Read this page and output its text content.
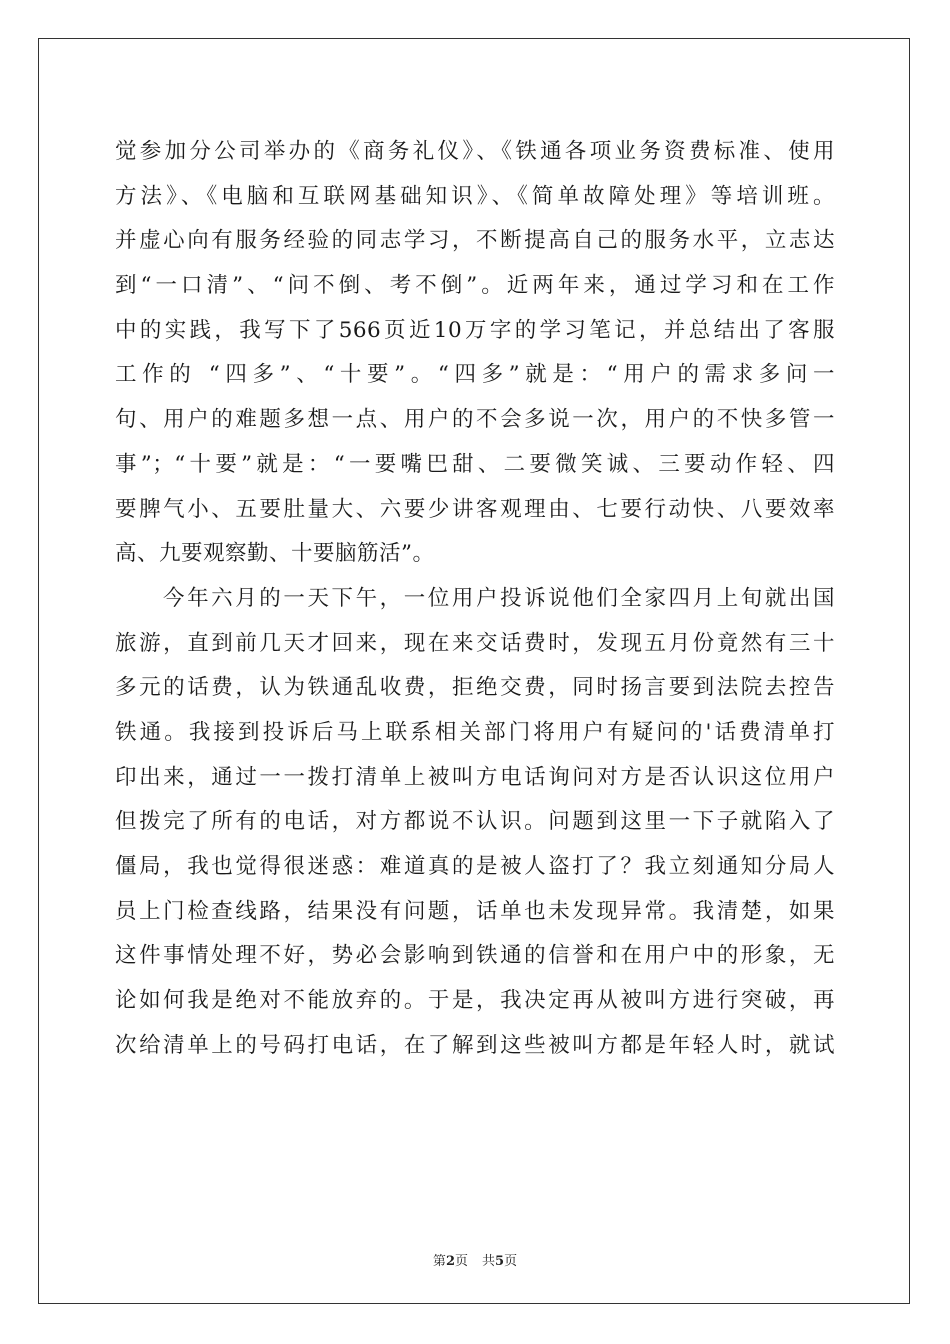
觉参加分公司举办的《商务礼仪》、《铁通各项业务资费标准、使用
方法》、《电脑和互联网基础知识》、《简单故障处理》等培训班。
并虚心向有服务经验的同志学习，不断提高自己的服务水平，立志达
到“一口清”、“问不倒、考不倒”。近两年来，通过学习和在工作
中的实践，我写下了566页近10万字的学习笔记，并总结出了客服
工作的 “四多”、“十要”。“四多”就是：“用户的需求多问一
句、用户的难题多想一点、用户的不会多说一次，用户的不快多管一
事”；“十要”就是：“一要嘴巴甜、二要微笑诚、三要动作轻、四
要脾气小、五要肚量大、六要少讲客观理由、七要行动快、八要效率
高、九要观察勤、十要脑筋活”。
今年六月的一天下午，一位用户投诉说他们全家四月上旬就出国
旅游，直到前几天才回来，现在来交话费时，发现五月份竟然有三十
多元的话费，认为铁通乱收费，拒绝交费，同时扬言要到法院去控告
铁通。我接到投诉后马上联系相关部门将用户有疑问的'话费清单打
印出来，通过一一拨打清单上被叫方电话询问对方是否认识这位用户
但拨完了所有的电话，对方都说不认识。问题到这里一下子就陷入了
僵局，我也觉得很迷惑：难道真的是被人盗打了？我立刻通知分局人
员上门检查线路，结果没有问题，话单也未发现异常。我清楚，如果
这件事情处理不好，势必会影响到铁通的信誉和在用户中的形象，无
论如何我是绝对不能放弃的。于是，我决定再从被叫方进行突破，再
次给清单上的号码打电话，在了解到这些被叫方都是年轻人时，就试
第2页 共5页
